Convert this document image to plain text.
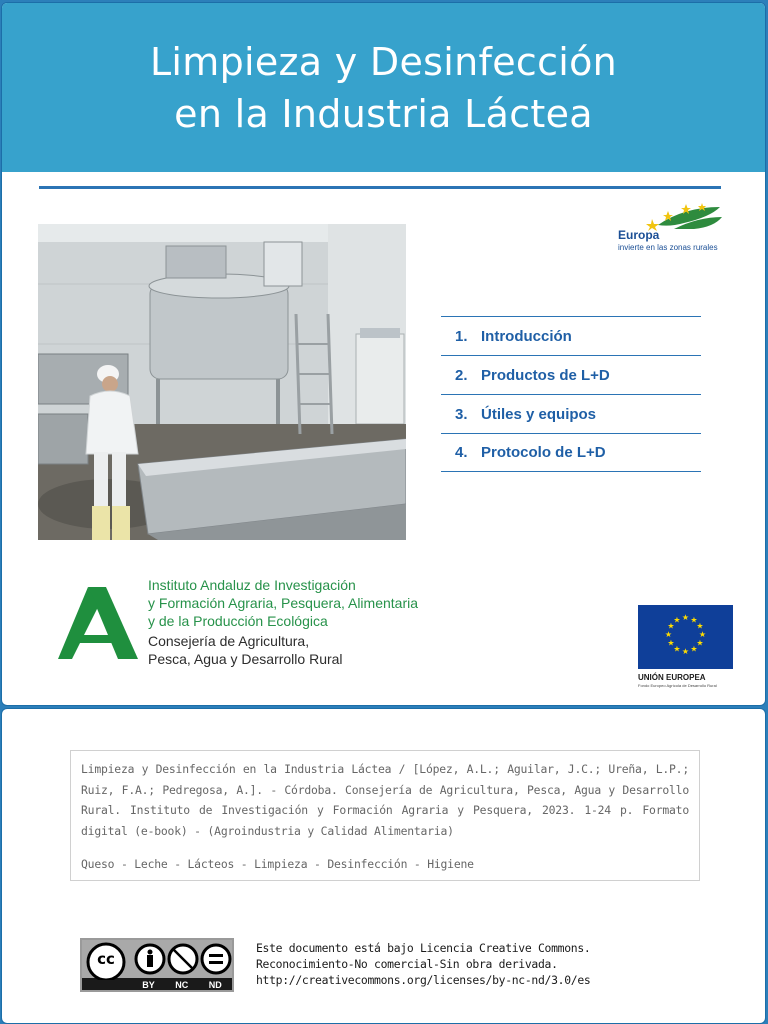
Limpieza y Desinfección
en la Industria Láctea
Europa
invierte en las zonas rurales
1. Introducción
2. Productos de L+D
3. Útiles y equipos
4. Protocolo de L+D
Instituto Andaluz de Investigación
y Formación Agraria, Pesquera, Alimentaria
y de la Producción Ecológica
Consejería de Agricultura,
Pesca, Agua y Desarrollo Rural
★ ★
★
★
★
★
★
★
★
★
★
★
UNIÓN EUROPEA
Fondo Europeo Agrícola de Desarrollo Rural
Limpieza y Desinfección en la Industria Láctea / [López, A.L.; Aguilar, J.C.; Ureña, L.P.; Ruiz, F.A.; Pedregosa, A.]. - Córdoba. Consejería de Agricultura, Pesca, Agua y Desarrollo Rural. Instituto de Investigación y Formación Agraria y Pesquera, 2023. 1-24 p. Formato digital (e-book) - (Agroindustria y Calidad Alimentaria)
Queso - Leche - Lácteos - Limpieza - Desinfección - Higiene
cc
BY NC ND
Este documento está bajo Licencia Creative Commons.
Reconocimiento-No comercial-Sin obra derivada.
http://creativecommons.org/licenses/by-nc-nd/3.0/es
